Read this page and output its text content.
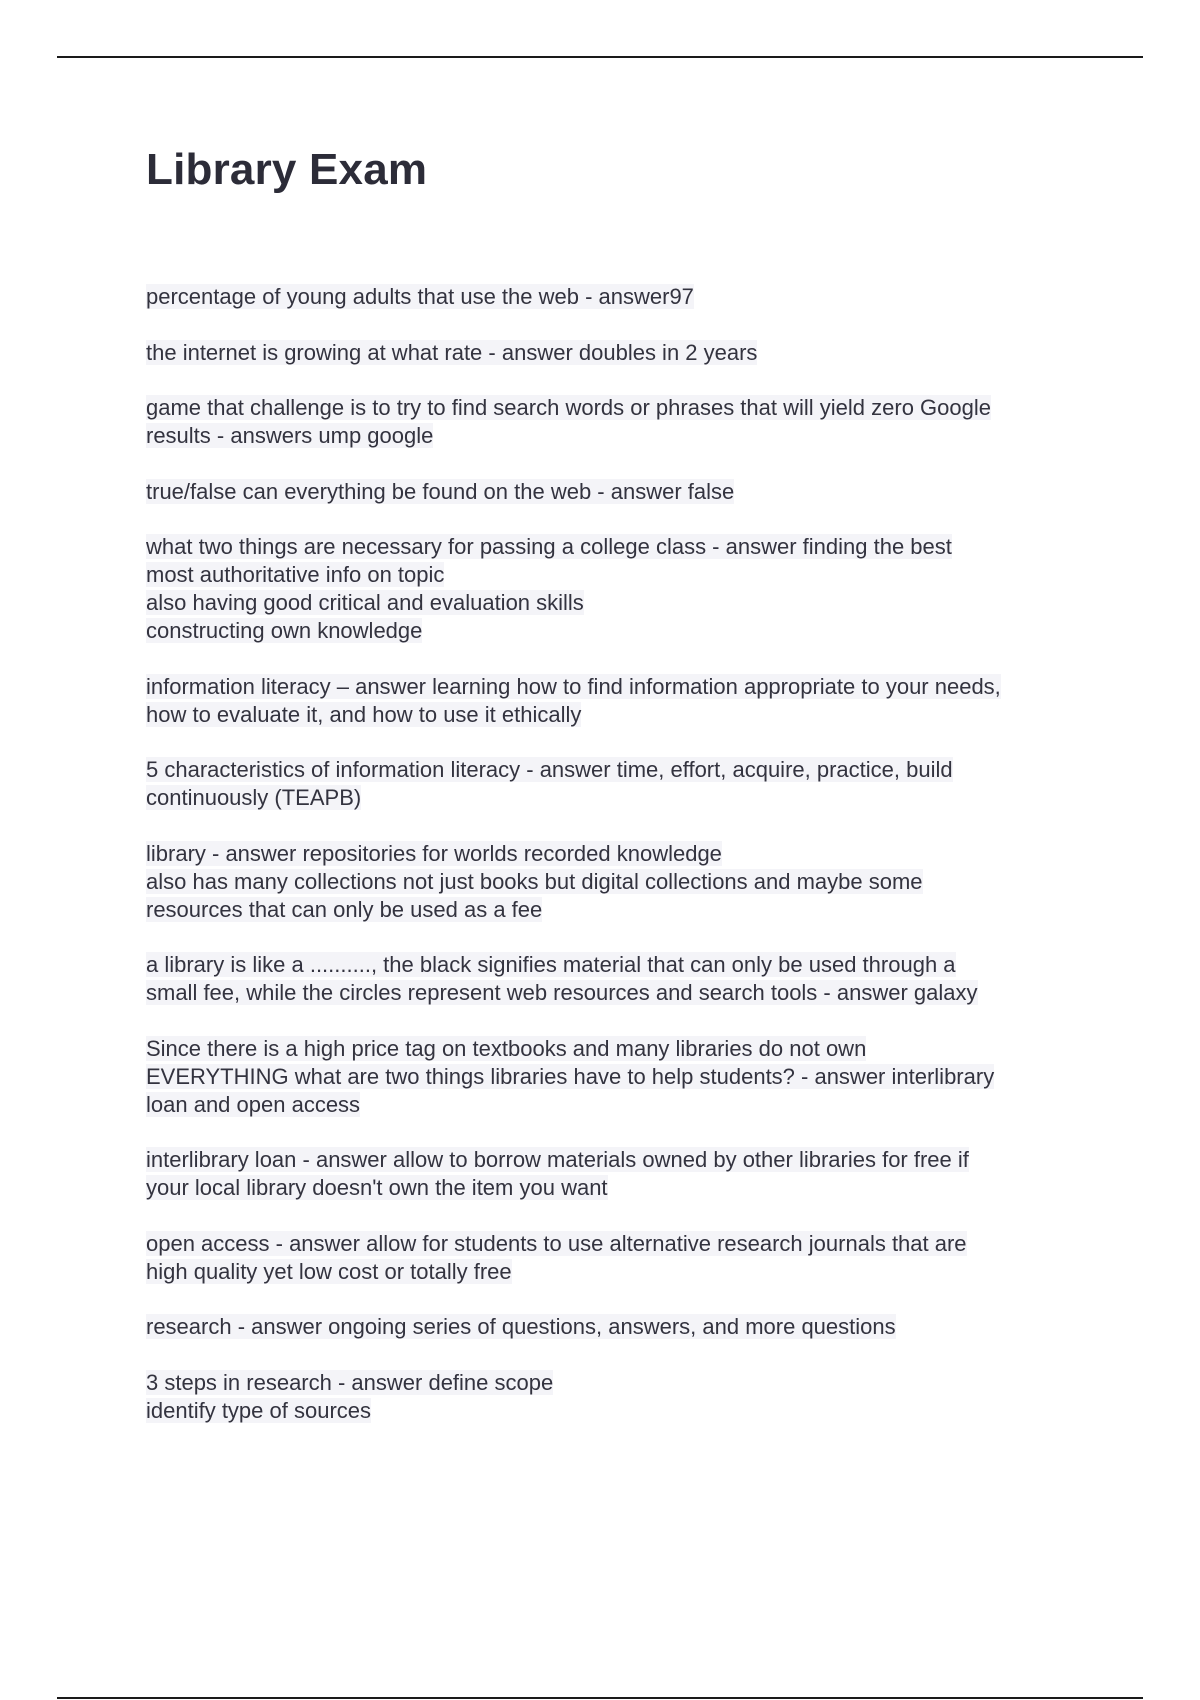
Library Exam
percentage of young adults that use the web - answer97
the internet is growing at what rate - answer doubles in 2 years
game that challenge is to try to find search words or phrases that will yield zero Google
results - answers ump google
true/false can everything be found on the web - answer false
what two things are necessary for passing a college class - answer finding the best
most authoritative info on topic
also having good critical and evaluation skills
constructing own knowledge
information literacy – answer learning how to find information appropriate to your needs,
how to evaluate it, and how to use it ethically
5 characteristics of information literacy - answer time, effort, acquire, practice, build
continuously (TEAPB)
library - answer repositories for worlds recorded knowledge
also has many collections not just books but digital collections and maybe some
resources that can only be used as a fee
a library is like a .........., the black signifies material that can only be used through a
small fee, while the circles represent web resources and search tools - answer galaxy
Since there is a high price tag on textbooks and many libraries do not own
EVERYTHING what are two things libraries have to help students? - answer interlibrary
loan and open access
interlibrary loan - answer allow to borrow materials owned by other libraries for free if
your local library doesn't own the item you want
open access - answer allow for students to use alternative research journals that are
high quality yet low cost or totally free
research - answer ongoing series of questions, answers, and more questions
3 steps in research - answer define scope
identify type of sources
